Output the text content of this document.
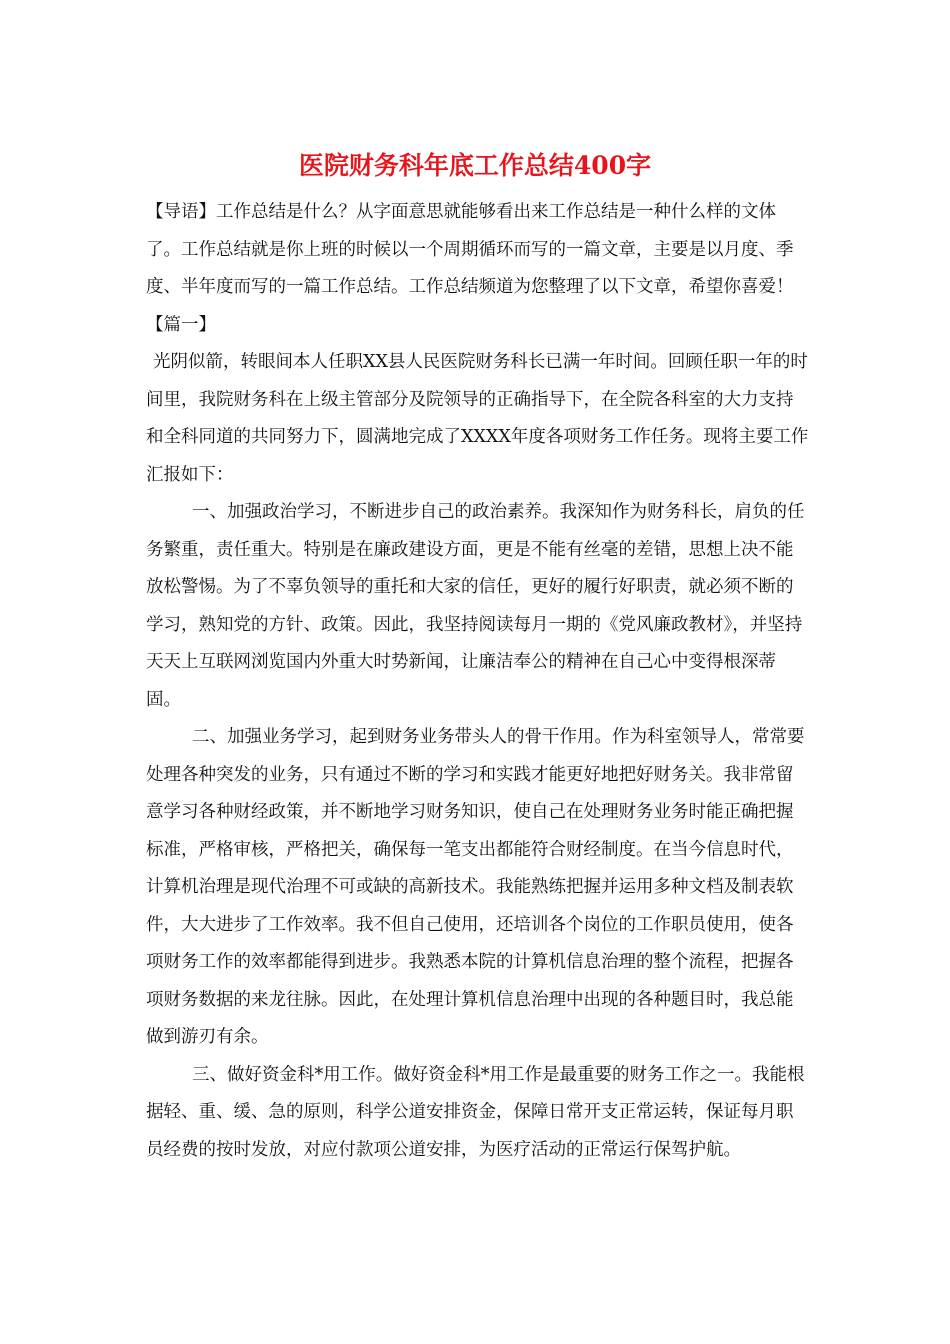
医院财务科年底工作总结400字

【导语】工作总结是什么？从字面意思就能够看出来工作总结是一种什么样的文体了。工作总结就是你上班的时候以一个周期循环而写的一篇文章，主要是以月度、季度、半年度而写的一篇工作总结。工作总结频道为您整理了以下文章，希望你喜爱！

【篇一】

光阴似箭，转眼间本人任职XX县人民医院财务科长已满一年时间。回顾任职一年的时间里，我院财务科在上级主管部分及院领导的正确指导下，在全院各科室的大力支持和全科同道的共同努力下，圆满地完成了XXXX年度各项财务工作任务。现将主要工作汇报如下：

一、加强政治学习，不断进步自己的政治素养。我深知作为财务科长，肩负的任务繁重，责任重大。特别是在廉政建设方面，更是不能有丝毫的差错，思想上决不能放松警惕。为了不辜负领导的重托和大家的信任，更好的履行好职责，就必须不断的学习，熟知党的方针、政策。因此，我坚持阅读每月一期的《党风廉政教材》，并坚持天天上互联网浏览国内外重大时势新闻，让廉洁奉公的精神在自己心中变得根深蒂固。

二、加强业务学习，起到财务业务带头人的骨干作用。作为科室领导人，常常要处理各种突发的业务，只有通过不断的学习和实践才能更好地把好财务关。我非常留意学习各种财经政策，并不断地学习财务知识，使自己在处理财务业务时能正确把握标准，严格审核，严格把关，确保每一笔支出都能符合财经制度。在当今信息时代，计算机治理是现代治理不可或缺的高新技术。我能熟练把握并运用多种文档及制表软件，大大进步了工作效率。我不但自己使用，还培训各个岗位的工作职员使用，使各项财务工作的效率都能得到进步。我熟悉本院的计算机信息治理的整个流程，把握各项财务数据的来龙往脉。因此，在处理计算机信息治理中出现的各种题目时，我总能做到游刃有余。

三、做好资金科*用工作。做好资金科*用工作是最重要的财务工作之一。我能根据轻、重、缓、急的原则，科学公道安排资金，保障日常开支正常运转，保证每月职员经费的按时发放，对应付款项公道安排，为医疗活动的正常运行保驾护航。
